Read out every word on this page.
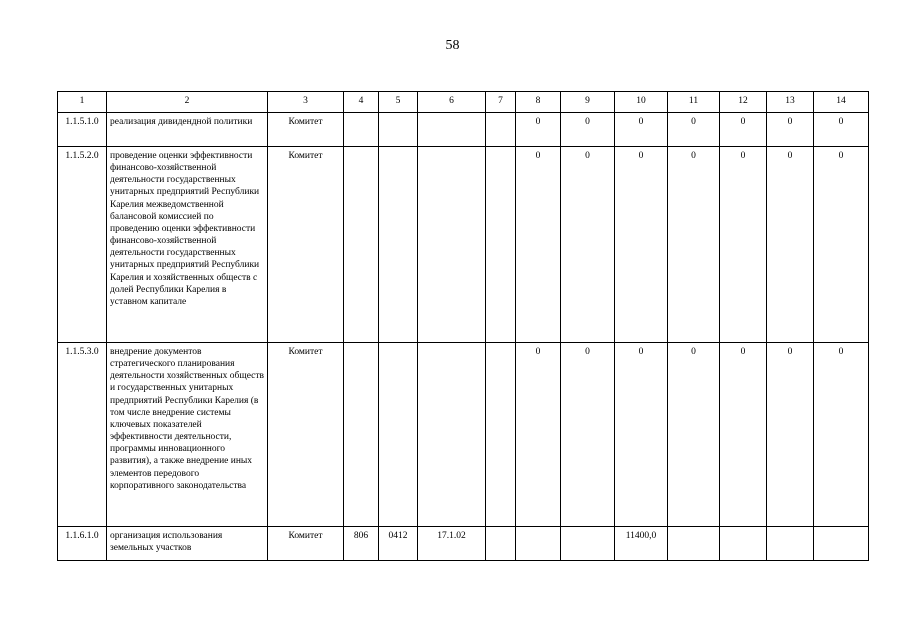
58
1	2	3	4	5	6	7	8	9	10	11	12	13	14
1.1.5.1.0	реализация дивидендной политики	Комитет					0	0	0	0	0	0	0
1.1.5.2.0	проведение оценки эффективности финансово-хозяйственной деятельности государственных унитарных предприятий Республики Карелия межведомственной балансовой комиссией по проведению оценки эффективности финансово-хозяйственной деятельности государственных унитарных предприятий Республики Карелия и хозяйственных обществ с долей Республики Карелия в уставном капитале	Комитет					0	0	0	0	0	0	0
1.1.5.3.0	внедрение документов стратегического планирования деятельности хозяйственных обществ и государственных унитарных предприятий Республики Карелия (в том числе внедрение системы ключевых показателей эффективности деятельности, программы инновационного развития), а также внедрение иных элементов передового корпоративного законодательства	Комитет					0	0	0	0	0	0	0
1.1.6.1.0	организация использования земельных участков	Комитет	806	0412	17.1.02				11400,0				
